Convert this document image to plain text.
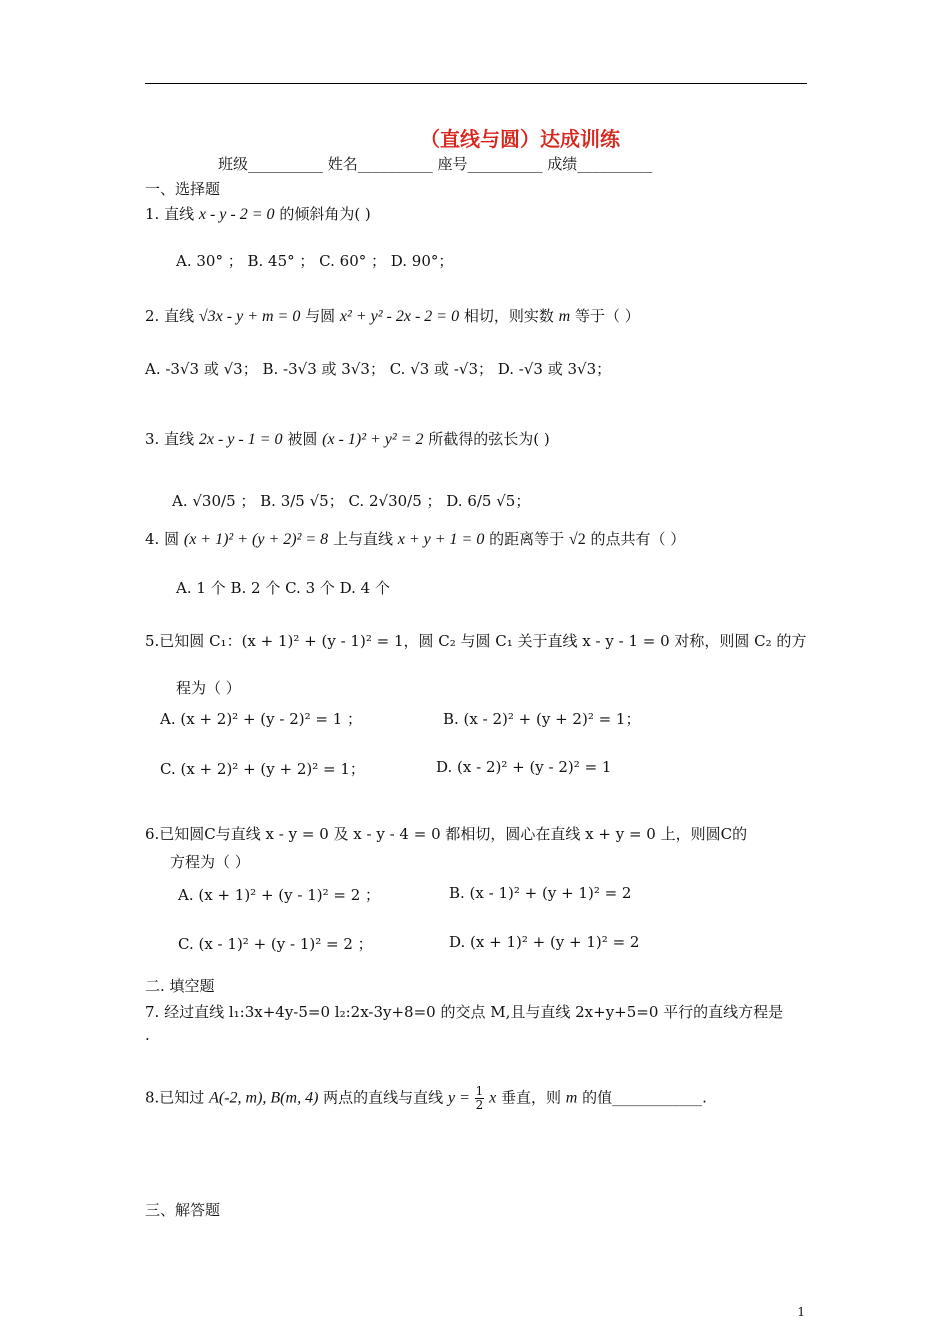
（直线与圆）达成训练
班级__________ 姓名__________ 座号__________ 成绩__________
一、选择题
1. 直线 x - y - 2 = 0 的倾斜角为( )
A. 30° ； B. 45° ； C. 60° ； D. 90°；
2. 直线 √3x - y + m = 0 与圆 x² + y² - 2x - 2 = 0 相切，则实数 m 等于（ ）
A. -3√3 或 √3； B. -3√3 或 3√3； C. √3 或 -√3； D. -√3 或 3√3；
3. 直线 2x - y - 1 = 0 被圆 (x - 1)² + y² = 2 所截得的弦长为( )
A. √30/5 ； B. 3/5 √5； C. 2√30/5 ； D. 6/5 √5；
4. 圆 (x + 1)² + (y + 2)² = 8 上与直线 x + y + 1 = 0 的距离等于 √2 的点共有（ ）
A. 1 个 B. 2 个 C. 3 个 D. 4 个
5.已知圆 C₁：(x + 1)² + (y - 1)² = 1，圆 C₂ 与圆 C₁ 关于直线 x - y - 1 = 0 对称，则圆 C₂ 的方
程为（ ）
A. (x + 2)² + (y - 2)² = 1 ；	B. (x - 2)² + (y + 2)² = 1；
C. (x + 2)² + (y + 2)² = 1；	D. (x - 2)² + (y - 2)² = 1
6.已知圆C与直线 x - y = 0 及 x - y - 4 = 0 都相切，圆心在直线 x + y = 0 上，则圆C的
方程为（ ）
A. (x + 1)² + (y - 1)² = 2 ；	B. (x - 1)² + (y + 1)² = 2
C. (x - 1)² + (y - 1)² = 2 ；	D. (x + 1)² + (y + 1)² = 2
二. 填空题
7. 经过直线 l₁:3x+4y-5=0 l₂:2x-3y+8=0 的交点 M,且与直线 2x+y+5=0 平行的直线方程是
.
8.已知过 A(-2, m), B(m, 4) 两点的直线与直线 $y = \frac{1}{2}$ x 垂直，则 m 的值____________.
三、解答题
1
